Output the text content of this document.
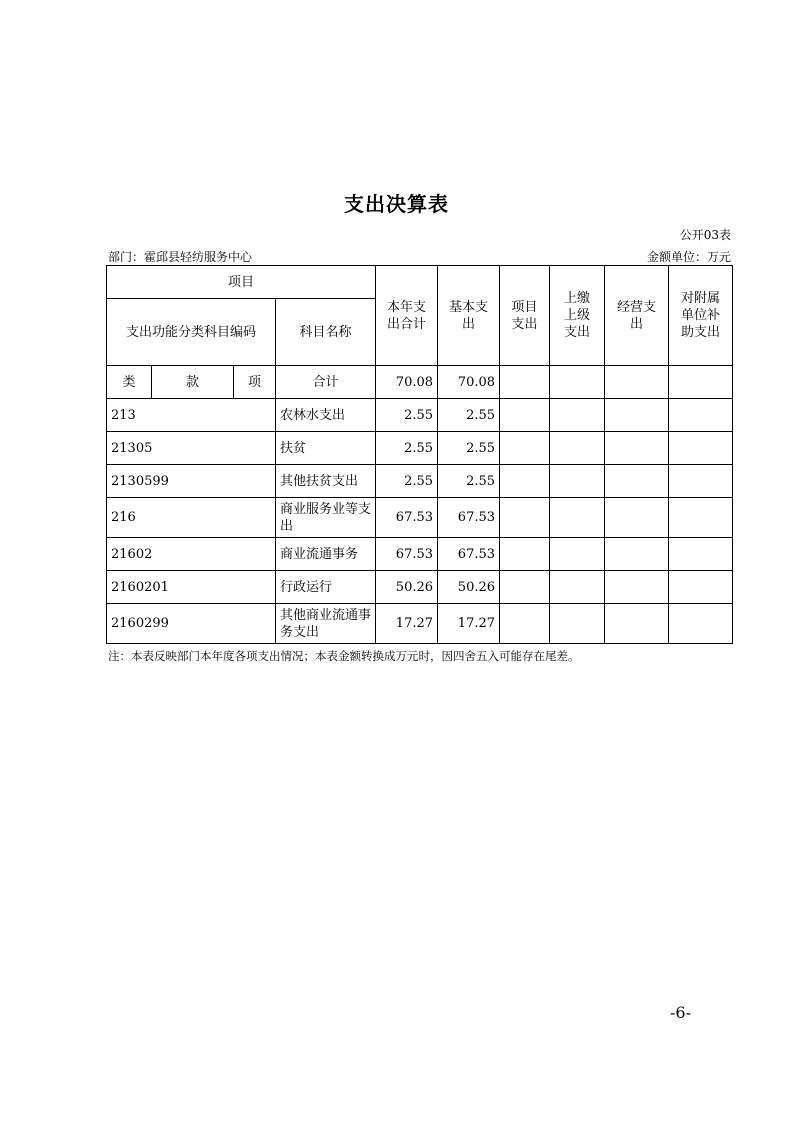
支出决算表
公开03表
部门：霍邱县轻纺服务中心	金额单位：万元
项目				本年支出合计	基本支出	项目支出	上缴上级支出	经营支出	对附属单位补助支出
支出功能分类科目编码			科目名称						
类	款	项	合计	70.08	70.08				
213			农林水支出	2.55	2.55				
21305			扶贫	2.55	2.55				
2130599			其他扶贫支出	2.55	2.55				
216			商业服务业等支出	67.53	67.53				
21602			商业流通事务	67.53	67.53				
2160201			行政运行	50.26	50.26				
2160299			其他商业流通事务支出	17.27	17.27				
注：本表反映部门本年度各项支出情况；本表金额转换成万元时，因四舍五入可能存在尾差。
-6-
